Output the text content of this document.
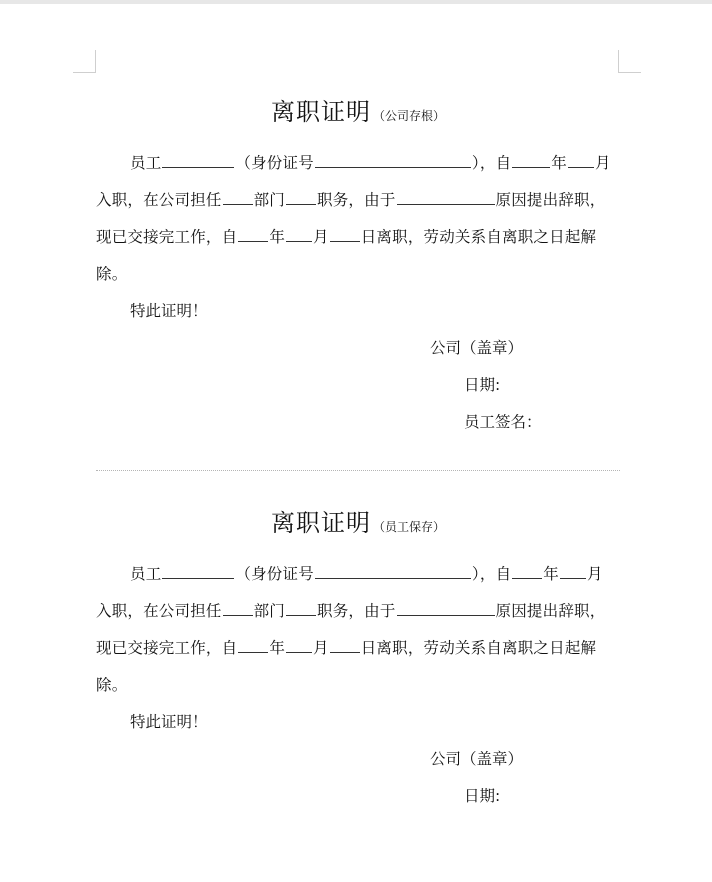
离职证明 （公司存根）

员工	（身份证号	），自	年 月

入职，在公司担任 部门 职务，由于	原因提出辞职，

现已交接完工作，自 年 月 日离职，劳动关系自离职之日起解

除。

特此证明！
公司（盖章）
日期:
员工签名：
离职证明 （员工保存）

员工	（身份证号	），自 年 月

入职，在公司担任 部门 职务，由于	原因提出辞职，

现已交接完工作，自 年 月 日离职，劳动关系自离职之日起解

除。

特此证明！
公司（盖章）
日期:
